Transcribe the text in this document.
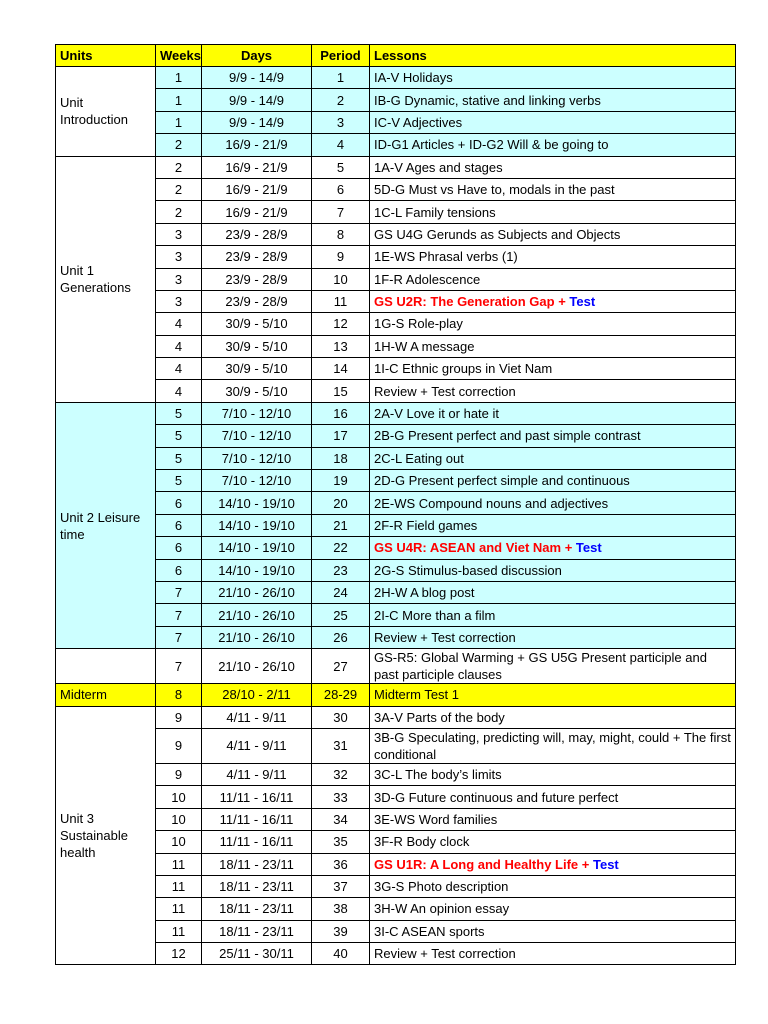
Units	Weeks	Days	Period	Lessons
Unit Introduction	1	9/9 - 14/9	1	IA-V Holidays
	1	9/9 - 14/9	2	IB-G Dynamic, stative and linking verbs
	1	9/9 - 14/9	3	IC-V Adjectives
	2	16/9 - 21/9	4	ID-G1 Articles + ID-G2 Will & be going to
Unit 1 Generations	2	16/9 - 21/9	5	1A-V Ages and stages
	2	16/9 - 21/9	6	5D-G Must vs Have to, modals in the past
	2	16/9 - 21/9	7	1C-L Family tensions
	3	23/9 - 28/9	8	GS U4G Gerunds as Subjects and Objects
	3	23/9 - 28/9	9	1E-WS Phrasal verbs (1)
	3	23/9 - 28/9	10	1F-R Adolescence
	3	23/9 - 28/9	11	GS U2R: The Generation Gap + Test
	4	30/9 - 5/10	12	1G-S Role-play
	4	30/9 - 5/10	13	1H-W A message
	4	30/9 - 5/10	14	1I-C Ethnic groups in Viet Nam
	4	30/9 - 5/10	15	Review + Test correction
Unit 2 Leisure time	5	7/10 - 12/10	16	2A-V Love it or hate it
	5	7/10 - 12/10	17	2B-G Present perfect and past simple contrast
	5	7/10 - 12/10	18	2C-L Eating out
	5	7/10 - 12/10	19	2D-G Present perfect simple and continuous
	6	14/10 - 19/10	20	2E-WS Compound nouns and adjectives
	6	14/10 - 19/10	21	2F-R Field games
	6	14/10 - 19/10	22	GS U4R: ASEAN and Viet Nam + Test
	6	14/10 - 19/10	23	2G-S Stimulus-based discussion
	7	21/10 - 26/10	24	2H-W A blog post
	7	21/10 - 26/10	25	2I-C More than a film
	7	21/10 - 26/10	26	Review + Test correction
	7	21/10 - 26/10	27	GS-R5: Global Warming + GS U5G Present participle and past participle clauses
Midterm	8	28/10 - 2/11	28-29	Midterm Test 1
Unit 3 Sustainable health	9	4/11 - 9/11	30	3A-V Parts of the body
	9	4/11 - 9/11	31	3B-G Speculating, predicting will, may, might, could + The first conditional
	9	4/11 - 9/11	32	3C-L The body’s limits
	10	11/11 - 16/11	33	3D-G Future continuous and future perfect
	10	11/11 - 16/11	34	3E-WS Word families
	10	11/11 - 16/11	35	3F-R Body clock
	11	18/11 - 23/11	36	GS U1R: A Long and Healthy Life + Test
	11	18/11 - 23/11	37	3G-S Photo description
	11	18/11 - 23/11	38	3H-W An opinion essay
	11	18/11 - 23/11	39	3I-C ASEAN sports
	12	25/11 - 30/11	40	Review + Test correction
